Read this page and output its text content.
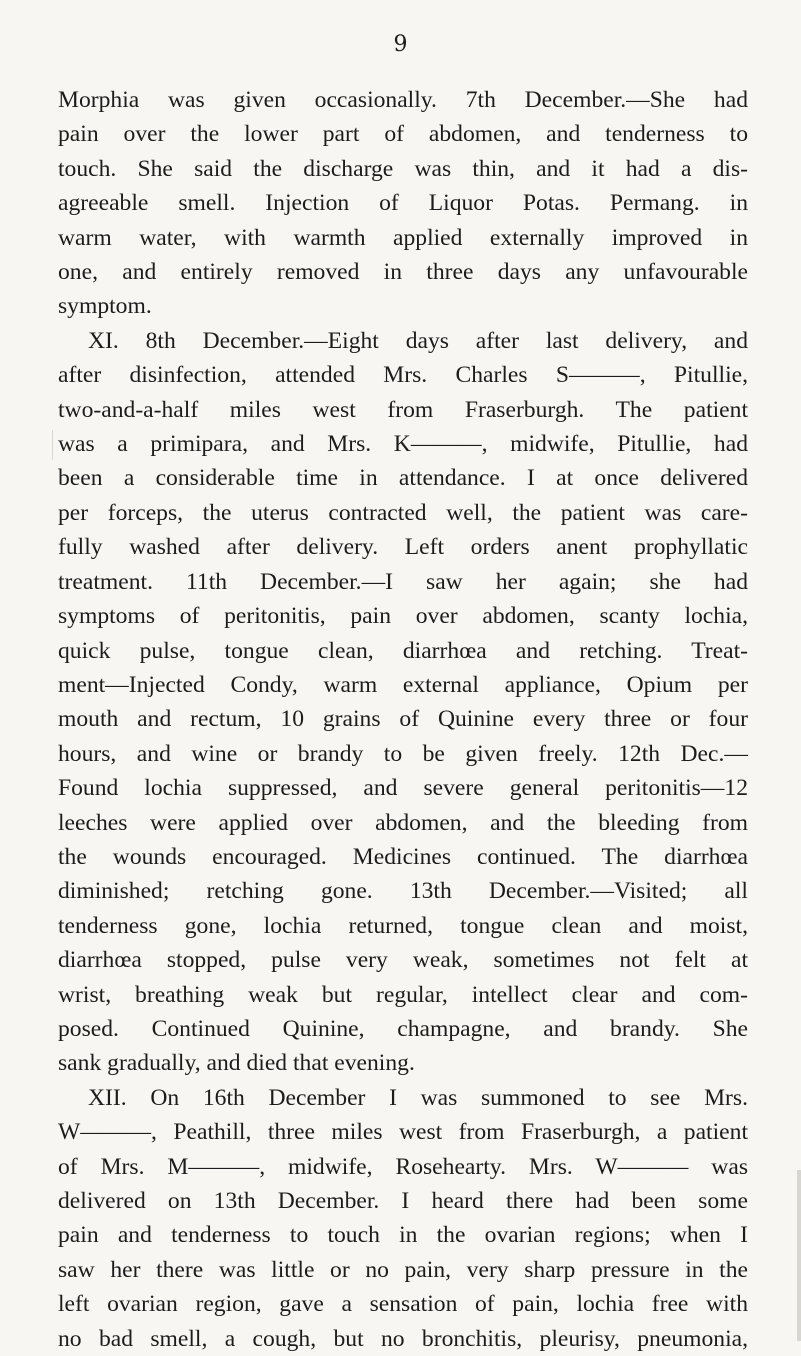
9
Morphia was given occasionally. 7th December.—She had
pain over the lower part of abdomen, and tenderness to
touch. She said the discharge was thin, and it had a dis-
agreeable smell. Injection of Liquor Potas. Permang. in
warm water, with warmth applied externally improved in
one, and entirely removed in three days any unfavourable
symptom.
XI. 8th December.—Eight days after last delivery, and
after disinfection, attended Mrs. Charles S———, Pitullie,
two-and-a-half miles west from Fraserburgh. The patient
was a primipara, and Mrs. K———, midwife, Pitullie, had
been a considerable time in attendance. I at once delivered
per forceps, the uterus contracted well, the patient was care-
fully washed after delivery. Left orders anent prophyllatic
treatment. 11th December.—I saw her again; she had
symptoms of peritonitis, pain over abdomen, scanty lochia,
quick pulse, tongue clean, diarrhœa and retching. Treat-
ment—Injected Condy, warm external appliance, Opium per
mouth and rectum, 10 grains of Quinine every three or four
hours, and wine or brandy to be given freely. 12th Dec.—
Found lochia suppressed, and severe general peritonitis—12
leeches were applied over abdomen, and the bleeding from
the wounds encouraged. Medicines continued. The diarrhœa
diminished; retching gone. 13th December.—Visited; all
tenderness gone, lochia returned, tongue clean and moist,
diarrhœa stopped, pulse very weak, sometimes not felt at
wrist, breathing weak but regular, intellect clear and com-
posed. Continued Quinine, champagne, and brandy. She
sank gradually, and died that evening.
XII. On 16th December I was summoned to see Mrs.
W———, Peathill, three miles west from Fraserburgh, a patient
of Mrs. M———, midwife, Rosehearty. Mrs. W——— was
delivered on 13th December. I heard there had been some
pain and tenderness to touch in the ovarian regions; when I
saw her there was little or no pain, very sharp pressure in the
left ovarian region, gave a sensation of pain, lochia free with
no bad smell, a cough, but no bronchitis, pleurisy, pneumonia,
